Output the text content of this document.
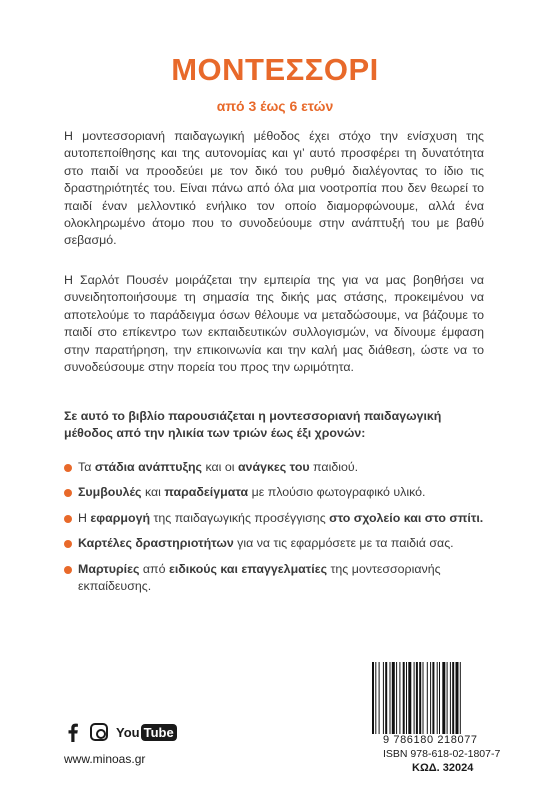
ΜΟΝΤΕΣΣΟΡΙ
από 3 έως 6 ετών

Η μοντεσσοριανή παιδαγωγική μέθοδος έχει στόχο την ενίσχυση της αυτοπεποίθησης και της αυτονομίας και γι’ αυτό προσφέρει τη δυνατότητα στο παιδί να προοδεύει με τον δικό του ρυθμό διαλέγοντας το ίδιο τις δραστηριότητές του. Είναι πάνω από όλα μια νοοτροπία που δεν θεωρεί το παιδί έναν μελλοντικό ενήλικο τον οποίο διαμορφώνουμε, αλλά ένα ολοκληρωμένο άτομο που το συνοδεύουμε στην ανάπτυξή του με βαθύ σεβασμό.

Η Σαρλότ Πουσέν μοιράζεται την εμπειρία της για να μας βοηθήσει να συνειδητοποιήσουμε τη σημασία της δικής μας στάσης, προκειμένου να αποτελούμε το παράδειγμα όσων θέλουμε να μεταδώσουμε, να βάζουμε το παιδί στο επίκεντρο των εκπαιδευτικών συλλογισμών, να δίνουμε έμφαση στην παρατήρηση, την επικοινωνία και την καλή μας διάθεση, ώστε να το συνοδεύσουμε στην πορεία του προς την ωριμότητα.

Σε αυτό το βιβλίο παρουσιάζεται η μοντεσσοριανή παιδαγωγική μέθοδος από την ηλικία των τριών έως έξι χρονών:

Τα στάδια ανάπτυξης και οι ανάγκες του παιδιού.
Συμβουλές και παραδείγματα με πλούσιο φωτογραφικό υλικό.
Η εφαρμογή της παιδαγωγικής προσέγγισης στο σχολείο και στο σπίτι.
Καρτέλες δραστηριοτήτων για να τις εφαρμόσετε με τα παιδιά σας.
Μαρτυρίες από ειδικούς και επαγγελματίες της μοντεσσοριανής εκπαίδευσης.
You Tube
www.minoas.gr
9 786180 218077
ISBN 978-618-02-1807-7
ΚΩΔ. 32024
